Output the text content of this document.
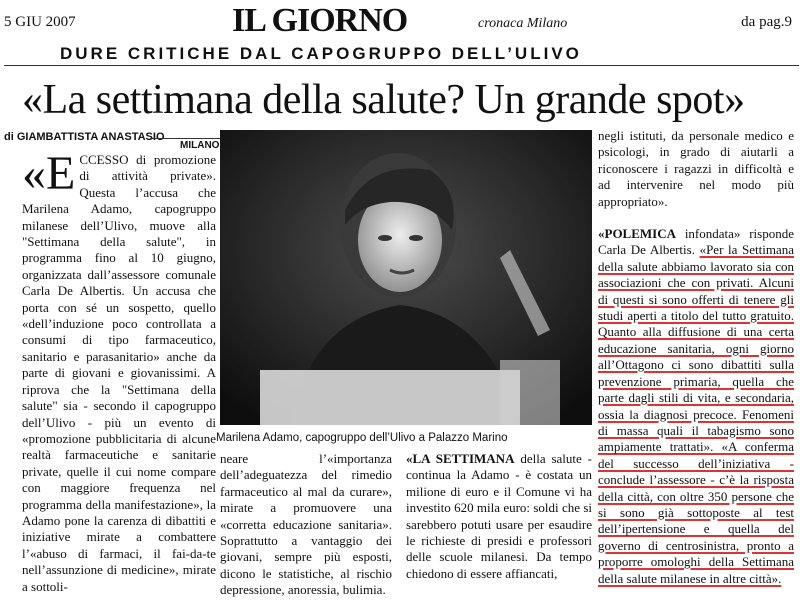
5 GIU 2007	IL GIORNO	cronaca Milano	da pag.9
DURE CRITICHE DAL CAPOGRUPPO DELL’ULIVO
«La settimana della salute? Un grande spot»
di GIAMBATTISTA ANASTASIO
MILANO
«E CCESSO di promozione di attività private». Questa l’accusa che Marilena Adamo, capogruppo milanese dell’Ulivo, muove alla "Settimana della salute", in programma fino al 10 giugno, organizzata dall’assessore comunale Carla De Albertis. Un accusa che porta con sé un sospetto, quello «dell’induzione poco controllata a consumi di tipo farmaceutico, sanitario e parasanitario» anche da parte di giovani e giovanissimi. A riprova che la "Settimana della salute" sia - secondo il capogruppo dell’Ulivo - più un evento di «promozione pubblicitaria di alcune realtà farmaceutiche e sanitarie private, quelle il cui nome compare con maggiore frequenza nel programma della manifestazione», la Adamo pone la carenza di dibattiti e iniziative mirate a combattere l’«abuso di farmaci, il fai-da-te nell’assunzione di medicine», mirate a sottoli-
Marilena Adamo, capogruppo dell’Ulivo a Palazzo Marino
neare l’«importanza dell’adeguatezza del rimedio farmaceutico al mal da curare», mirate a promuovere una «corretta educazione sanitaria». Soprattutto a vantaggio dei giovani, sempre più esposti, dicono le statistiche, al rischio depressione, anoressia, bulimia.
«LA SETTIMANA della salute - continua la Adamo - è costata un milione di euro e il Comune vi ha investito 620 mila euro: soldi che si sarebbero potuti usare per esaudire le richieste di presidi e professori delle scuole milanesi. Da tempo chiedono di essere affiancati,

negli istituti, da personale medico e psicologi, in grado di aiutarli a riconoscere i ragazzi in difficoltà e ad intervenire nel modo più appropriato».

«POLEMICA infondata» risponde Carla De Albertis. «Per la Settimana della salute abbiamo lavorato sia con associazioni che con privati. Alcuni di questi si sono offerti di tenere gli studi aperti a titolo del tutto gratuito. Quanto alla diffusione di una certa educazione sanitaria, ogni giorno all’Ottagono ci sono dibattiti sulla prevenzione primaria, quella che parte dagli stili di vita, e secondaria, ossia la diagnosi precoce. Fenomeni di massa quali il tabagismo sono ampiamente trattati». «A conferma del successo dell’iniziativa - conclude l’assessore - c’è la risposta della città, con oltre 350 persone che si sono già sottoposte al test dell’ipertensione e quella del governo di centrosinistra, pronto a proporre omologhi della Settimana della salute milanese in altre città».
